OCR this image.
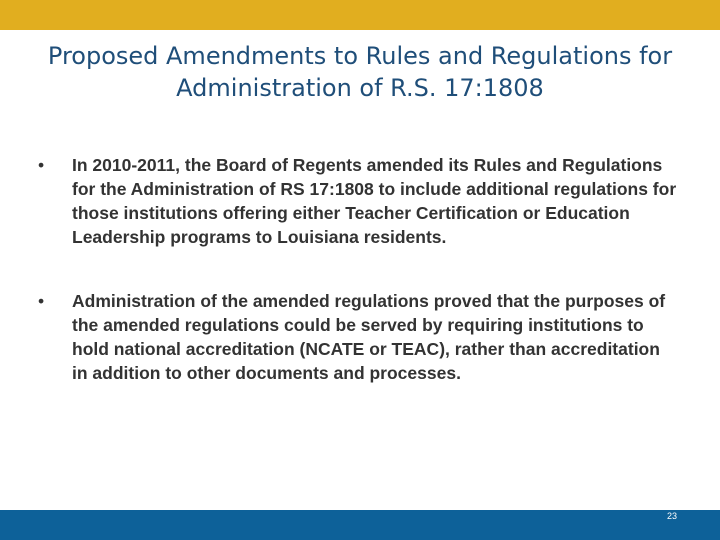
Proposed Amendments to Rules and Regulations for Administration of R.S. 17:1808
•	In 2010-2011, the Board of Regents amended its Rules and Regulations for the Administration of RS 17:1808 to include additional regulations for those institutions offering either Teacher Certification or Education Leadership programs to Louisiana residents.
•	Administration of the amended regulations proved that the purposes of the amended regulations could be served by requiring institutions to hold national accreditation (NCATE or TEAC), rather than accreditation in addition to other documents and processes.
23
